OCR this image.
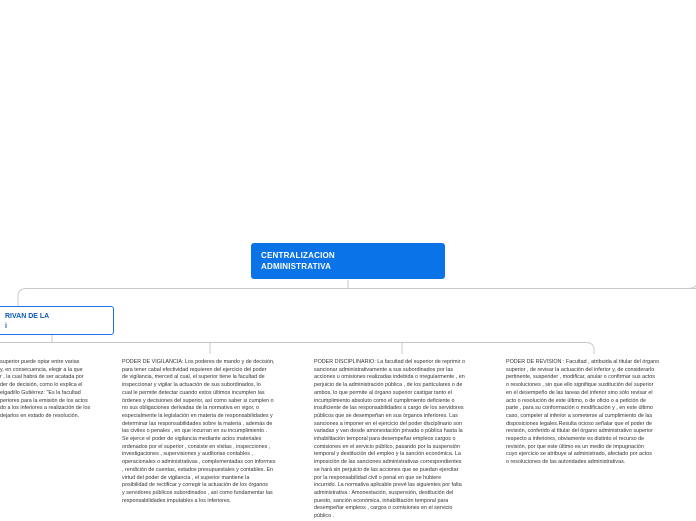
CENTRALIZACION
ADMINISTRATIVA
RIVAN DE LA
i
superior puede optar entre varias
y, en consecuencia, elegir a la que
r , la cual habrá de ser acatada por
der de decisión, como lo explica el
elgadillo Gutiérrez: "Es la facultad
periores para la emisión de los actos
do a los inferiores a realización de los
dejarlos en estado de resolución.
PODER DE VIGILANCIA: Los poderes de mando y de decisión,
para tener cabal efectividad requieren del ejercicio del poder
de vigilancia, merced al cual, el superior tiene la facultad de
inspeccionar y vigilar la actuación de sus subordinados, lo
cual le permite detectar cuando estos últimos incumplen las
órdenes y decisiones del superior, así como saber si cumplen o
no sus obligaciones derivadas de la normativa en vigor, o
especialmente la legislación en materia de responsabilidades y
determinar las responsabilidades sobre la materia , además de
las civiles o penales , en que incurran en su incumplimiento .
Se ejerce el poder de vigilancia mediante actos materiales
ordenados por el superior , consiste en visitas , inspecciones ,
investigaciones , supervisiones y auditorias contables ,
operacionales o administrativas , complementadas con informes
, rendición de cuentas, estados presupuestales y contables. En
virtud del poder de vigilancia , el superior mantiene la
posibilidad de rectificar y corregir la actuación de los órganos
y servidores públicos subordinados , así como fundamentar las
responsabilidades imputables a los inferiores.
PODER DISCIPLINARIO: La facultad del superior de reprimir o
sancionar administrativamente a sus subordinados por las
acciones u omisiones realizadas indebida o irregularmente , en
perjuicio de la administración pública , de los particulares o de
ambos, lo que permite al órgano superior castigar tanto el
incumplimiento absoluto como el cumplimiento deficiente o
insuficiente de las responsabilidades a cargo de los servidores
públicos que se desempeñan en sus órganos inferiores. Las
sanciones a imponer en el ejercicio del poder disciplinario son
variadas y van desde amonestación privada o pública hasta la
inhabilitación temporal para desempeñar empleos cargos o
comisiones en el servicio público, pasando por la suspensión
temporal y destitución del empleo y la sanción económica. La
imposición de las sanciones administrativas correspondientes
se hará sin perjuicio de las acciones que se puedan ejercitar
por la responsabilidad civil o penal en que se hubiere
incurrido. La normativa aplicable prevé las siguientes por falta
administrativa : Amonestación, suspensión, destitución del
puesto, sanción económica, inhabilitación temporal para
desempeñar empleos , cargos o comisiones en el servicio
público .
PODER DE REVISIÓN : Facultad , atribuida al titular del órgano
superior , de revisar la actuación del inferior y, de considerarlo
pertinente, suspender , modificar, anular o confirmar sus actos
o resoluciones , sin que ello signifique sustitución del superior
en el desempeño de las tareas del inferior sino sólo revisar el
acto o resolución de este último, o de oficio o a petición de
parte , para su conformación o modificación y , en este último
caso, compeler al inferior a someterse al cumplimiento de las
disposiciones legales.Resulta ocioso señalar que el poder de
revisión, conferido al titular del órgano administrativo superior
respecto a inferiores, obviamente es distinto el recurso de
revisión, por que este último es un medio de impugnación
cuyo ejercicio se atribuye al administrado, afectado por actos
o resoluciones de las autoridades administrativas.
